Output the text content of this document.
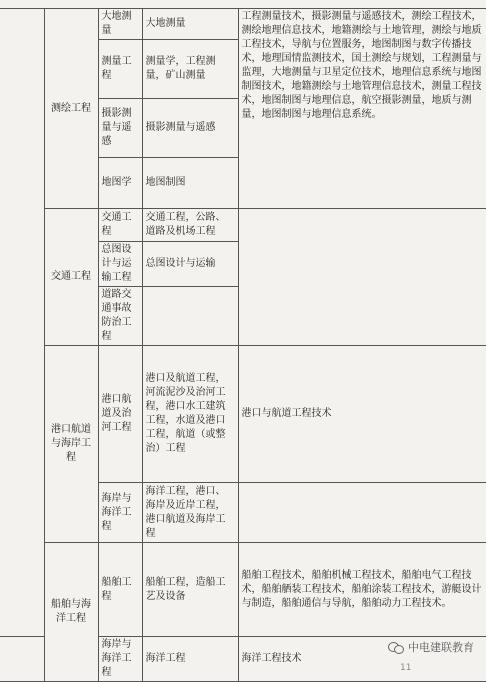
	测绘工程	大地测量	大地测量	工程测量技术，摄影测量与遥感技术，测绘工程技术，测绘地理信息技术，地籍测绘与土地管理，测绘与地质工程技术，导航与位置服务，地图制图与数字传播技术，地理国情监测技术，国土测绘与规划，工程测量与监理，大地测量与卫星定位技术，地理信息系统与地图制图技术，地籍测绘与土地管理信息技术，测量工程技术，地图制图与地理信息，航空摄影测量，地质与测量，地图制图与地理信息系统。
		测量工程	测量学，工程测量，矿山测量	
		摄影测量与遥感	摄影测量与遥感	
		地图学	地图制图	
	交通工程	交通工程	交通工程，公路、道路及机场工程	
		总图设计与运输工程	总图设计与运输	
		道路交通事故防治工程		
	港口航道与海岸工程	港口航道及治河工程	港口及航道工程，河流泥沙及治河工程，港口水工建筑工程，水道及港口工程，航道（或整治）工程	港口与航道工程技术
		海岸与海洋工程	海洋工程，港口、海岸及近岸工程，港口航道及海岸工程	
	船舶与海洋工程	船舶工程	船舶工程，造船工艺及设备	船舶工程技术，船舶机械工程技术，船舶电气工程技术，船舶舾装工程技术，船舶涂装工程技术，游艇设计与制造，船舶通信与导航，船舶动力工程技术。
		海岸与海洋工程	海洋工程	海洋工程技术
中电建联教育
11
